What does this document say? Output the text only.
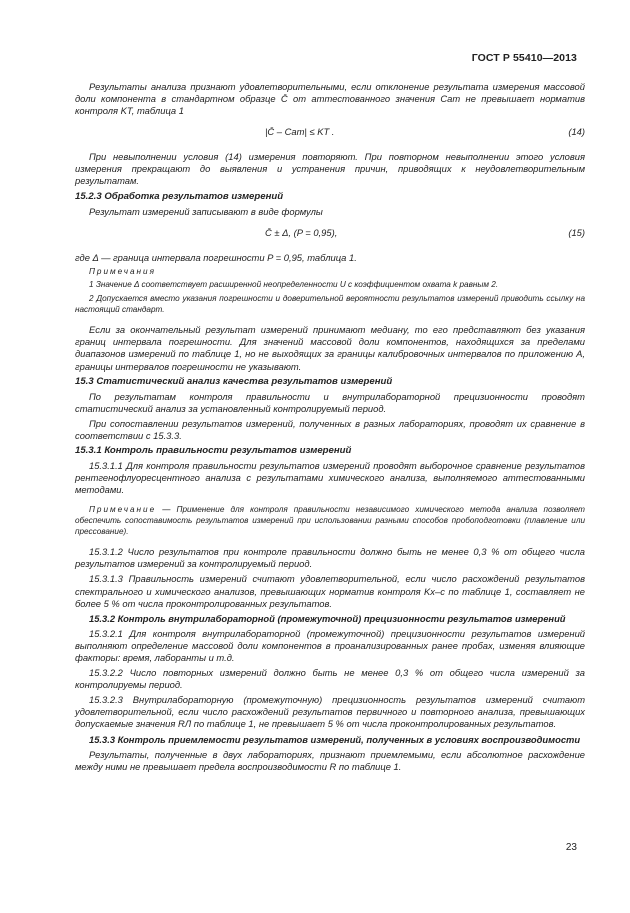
ГОСТ Р 55410—2013

Результаты анализа признают удовлетворительными, если отклонение результата измерения массовой доли компонента в стандартном образце C̄ от аттестованного значения Cат не превышает норматив контроля KT, таблица 1

|C̄ – Cат| ≤ KT .	(14)

При невыполнении условия (14) измерения повторяют. При повторном невыполнении этого условия измерения прекращают до выявления и устранения причин, приводящих к неудовлетворительным результатам.

15.2.3 Обработка результатов измерений

Результат измерений записывают в виде формулы

C̄ ± Δ, (P = 0,95),	(15)

где Δ — граница интервала погрешности P = 0,95, таблица 1.

Примечания

1 Значение Δ соответствует расширенной неопределенности U с коэффициентом охвата k равным 2.

2 Допускается вместо указания погрешности и доверительной вероятности результатов измерений приводить ссылку на настоящий стандарт.

Если за окончательный результат измерений принимают медиану, то его представляют без указания границ интервала погрешности. Для значений массовой доли компонентов, находящихся за пределами диапазонов измерений по таблице 1, но не выходящих за границы калибровочных интервалов по приложению А, границы интервалов погрешности не указывают.

15.3 Статистический анализ качества результатов измерений

По результатам контроля правильности и внутрилабораторной прецизионности проводят статистический анализ за установленный контролируемый период.

При сопоставлении результатов измерений, полученных в разных лабораториях, проводят их сравнение в соответствии с 15.3.3.

15.3.1 Контроль правильности результатов измерений

15.3.1.1 Для контроля правильности результатов измерений проводят выборочное сравнение результатов рентгенофлуоресцентного анализа с результатами химического анализа, выполняемого аттестованными методами.

Примечание — Применение для контроля правильности независимого химического метода анализа позволяет обеспечить сопоставимость результатов измерений при использовании разными способов пробоподготовки (плавление или прессование).

15.3.1.2 Число результатов при контроле правильности должно быть не менее 0,3 % от общего числа результатов измерений за контролируемый период.

15.3.1.3 Правильность измерений считают удовлетворительной, если число расхождений результатов спектрального и химического анализов, превышающих норматив контроля Kх–с по таблице 1, составляет не более 5 % от числа проконтролированных результатов.

15.3.2 Контроль внутрилабораторной (промежуточной) прецизионности результатов измерений

15.3.2.1 Для контроля внутрилабораторной (промежуточной) прецизионности результатов измерений выполняют определение массовой доли компонентов в проанализированных ранее пробах, изменяя влияющие факторы: время, лаборанты и т.д.

15.3.2.2 Число повторных измерений должно быть не менее 0,3 % от общего числа измерений за контролируемы период.

15.3.2.3 Внутрилабораторную (промежуточную) прецизионность результатов измерений считают удовлетворительной, если число расхождений результатов первичного и повторного анализа, превышающих допускаемые значения RЛ по таблице 1, не превышает 5 % от числа проконтролированных результатов.

15.3.3 Контроль приемлемости результатов измерений, полученных в условиях воспроизводимости

Результаты, полученные в двух лабораториях, признают приемлемыми, если абсолютное расхождение между ними не превышает предела воспроизводимости R по таблице 1.

23
